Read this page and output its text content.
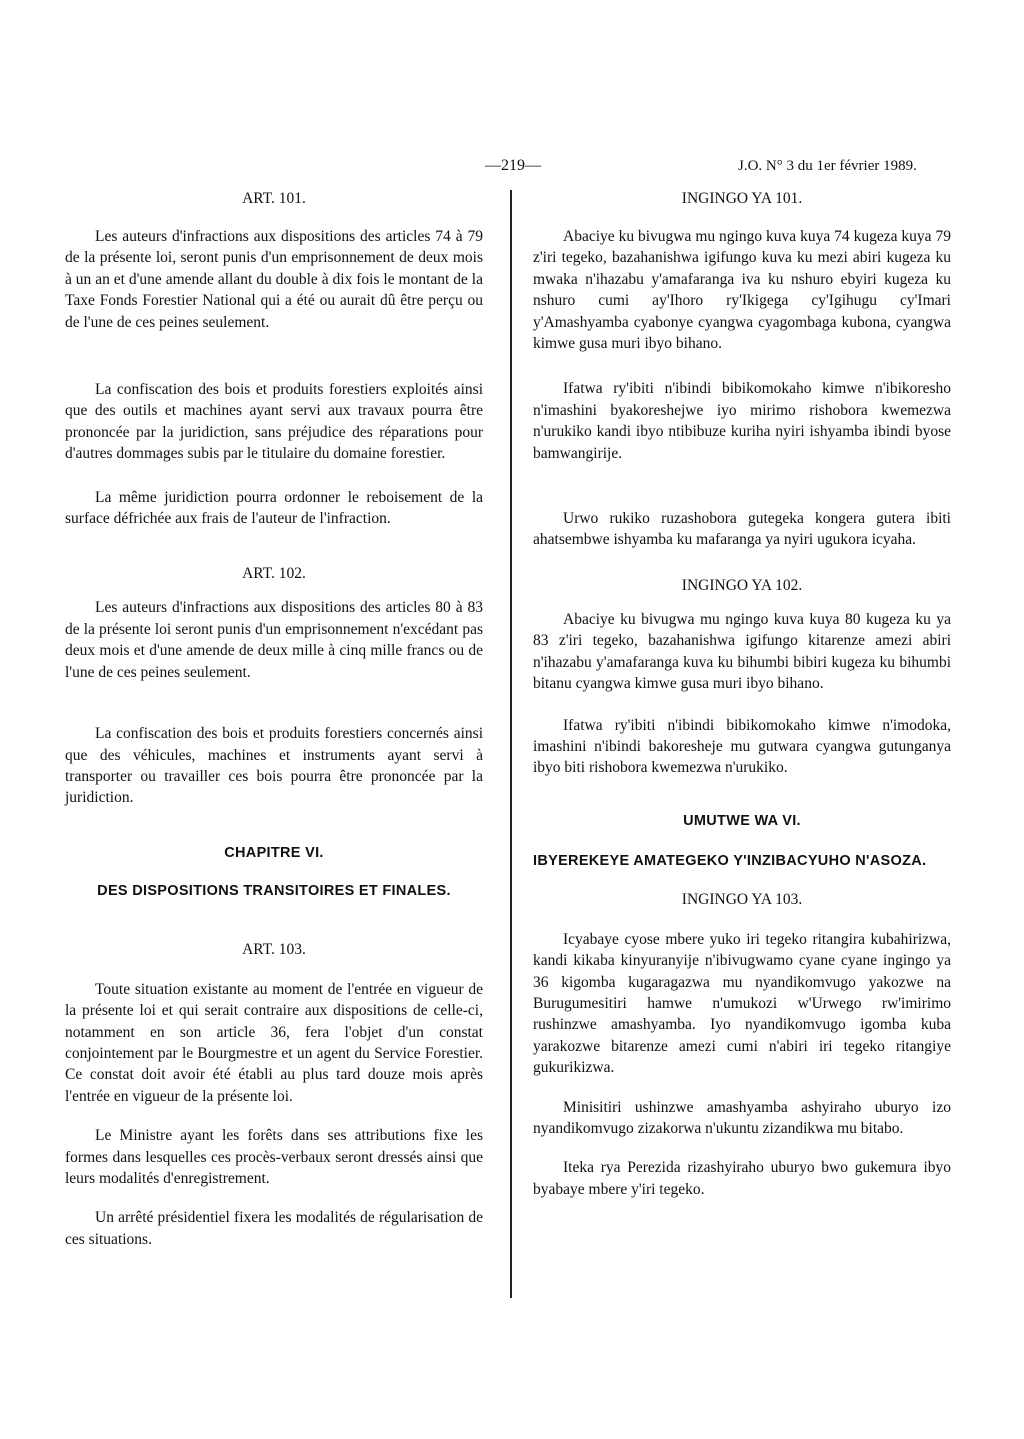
—219—	J.O. N° 3 du 1er février 1989.
ART. 101.

Les auteurs d'infractions aux dispositions des articles 74 à 79 de la présente loi, seront punis d'un emprisonnement de deux mois à un an et d'une amende allant du double à dix fois le montant de la Taxe Fonds Forestier National qui a été ou aurait dû être perçu ou de l'une de ces peines seulement.

La confiscation des bois et produits forestiers exploités ainsi que des outils et machines ayant servi aux travaux pourra être prononcée par la juridiction, sans préjudice des réparations pour d'autres dommages subis par le titulaire du domaine forestier.

La même juridiction pourra ordonner le reboisement de la surface défrichée aux frais de l'auteur de l'infraction.

ART. 102.

Les auteurs d'infractions aux dispositions des articles 80 à 83 de la présente loi seront punis d'un emprisonnement n'excédant pas deux mois et d'une amende de deux mille à cinq mille francs ou de l'une de ces peines seulement.

La confiscation des bois et produits forestiers concernés ainsi que des véhicules, machines et instruments ayant servi à transporter ou travailler ces bois pourra être prononcée par la juridiction.

CHAPITRE VI.
DES DISPOSITIONS TRANSITOIRES ET FINALES.
ART. 103.

Toute situation existante au moment de l'entrée en vigueur de la présente loi et qui serait contraire aux dispositions de celle-ci, notamment en son article 36, fera l'objet d'un constat conjointement par le Bourgmestre et un agent du Service Forestier. Ce constat doit avoir été établi au plus tard douze mois après l'entrée en vigueur de la présente loi.

Le Ministre ayant les forêts dans ses attributions fixe les formes dans lesquelles ces procès-verbaux seront dressés ainsi que leurs modalités d'enregistrement.

Un arrêté présidentiel fixera les modalités de régularisation de ces situations.

INGINGO YA 101.

Abaciye ku bivugwa mu ngingo kuva kuya 74 kugeza kuya 79 z'iri tegeko, bazahanishwa igifungo kuva ku mezi abiri kugeza ku mwaka n'ihazabu y'amafaranga iva ku nshuro ebyiri kugeza ku nshuro cumi ay'Ihoro ry'Ikigega cy'Igihugu cy'Imari y'Amashyamba cyabonye cyangwa cyagombaga kubona, cyangwa kimwe gusa muri ibyo bihano.

Ifatwa ry'ibiti n'ibindi bibikomokaho kimwe n'ibikoresho n'imashini byakoreshejwe iyo mirimo rishobora kwemezwa n'urukiko kandi ibyo ntibibuze kuriha nyiri ishyamba ibindi byose bamwangirije.

Urwo rukiko ruzashobora gutegeka kongera gutera ibiti ahatsembwe ishyamba ku mafaranga ya nyiri ugukora icyaha.

INGINGO YA 102.

Abaciye ku bivugwa mu ngingo kuva kuya 80 kugeza ku ya 83 z'iri tegeko, bazahanishwa igifungo kitarenze amezi abiri n'ihazabu y'amafaranga kuva ku bihumbi bibiri kugeza ku bihumbi bitanu cyangwa kimwe gusa muri ibyo bihano.

Ifatwa ry'ibiti n'ibindi bibikomokaho kimwe n'imodoka, imashini n'ibindi bakoresheje mu gutwara cyangwa gutunganya ibyo biti rishobora kwemezwa n'urukiko.

UMUTWE WA VI.
IBYEREKEYE AMATEGEKO Y'INZIBACYUHO N'ASOZA.
INGINGO YA 103.

Icyabaye cyose mbere yuko iri tegeko ritangira kubahirizwa, kandi kikaba kinyuranyije n'ibivugwamo cyane cyane ingingo ya 36 kigomba kugaragazwa mu nyandikomvugo yakozwe na Burugumesitiri hamwe n'umukozi w'Urwego rw'imirimo rushinzwe amashyamba. Iyo nyandikomvugo igomba kuba yarakozwe bitarenze amezi cumi n'abiri iri tegeko ritangiye gukurikizwa.

Minisitiri ushinzwe amashyamba ashyiraho uburyo izo nyandikomvugo zizakorwa n'ukuntu zizandikwa mu bitabo.

Iteka rya Perezida rizashyiraho uburyo bwo gukemura ibyo byabaye mbere y'iri tegeko.
